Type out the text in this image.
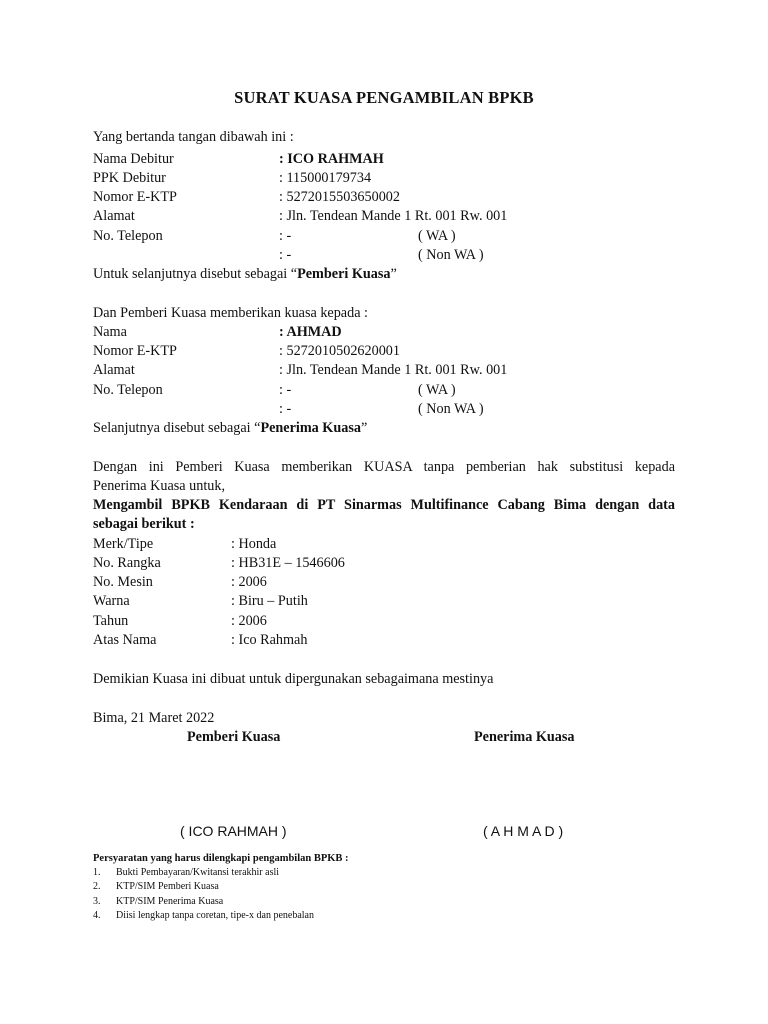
SURAT KUASA PENGAMBILAN BPKB
Yang bertanda tangan dibawah ini :
Nama Debitur	: ICO RAHMAH
PPK Debitur	: 115000179734
Nomor E-KTP	: 5272015503650002
Alamat	: Jln. Tendean Mande 1 Rt. 001 Rw. 001
No. Telepon	: -	( WA )
: -	( Non WA )
Untuk selanjutnya disebut sebagai “Pemberi Kuasa”
Dan Pemberi Kuasa memberikan kuasa kepada :
Nama	: AHMAD
Nomor E-KTP	: 5272010502620001
Alamat	: Jln. Tendean Mande 1 Rt. 001 Rw. 001
No. Telepon	: -	( WA )
: -	( Non WA )
Selanjutnya disebut sebagai “Penerima Kuasa”
Dengan ini Pemberi Kuasa memberikan KUASA tanpa pemberian hak substitusi kepada
Penerima Kuasa untuk,
Mengambil BPKB Kendaraan di PT Sinarmas Multifinance Cabang Bima dengan data
sebagai berikut :
Merk/Tipe	: Honda
No. Rangka	: HB31E – 1546606
No. Mesin	: 2006
Warna	: Biru – Putih
Tahun	: 2006
Atas Nama	: Ico Rahmah
Demikian Kuasa ini dibuat untuk dipergunakan sebagaimana mestinya
Bima, 21 Maret 2022
Pemberi Kuasa	Penerima Kuasa
( ICO RAHMAH )	( A H M A D )
Persyaratan yang harus dilengkapi pengambilan BPKB :
1. Bukti Pembayaran/Kwitansi terakhir asli
2. KTP/SIM Pemberi Kuasa
3. KTP/SIM Penerima Kuasa
4. Diisi lengkap tanpa coretan, tipe-x dan penebalan
